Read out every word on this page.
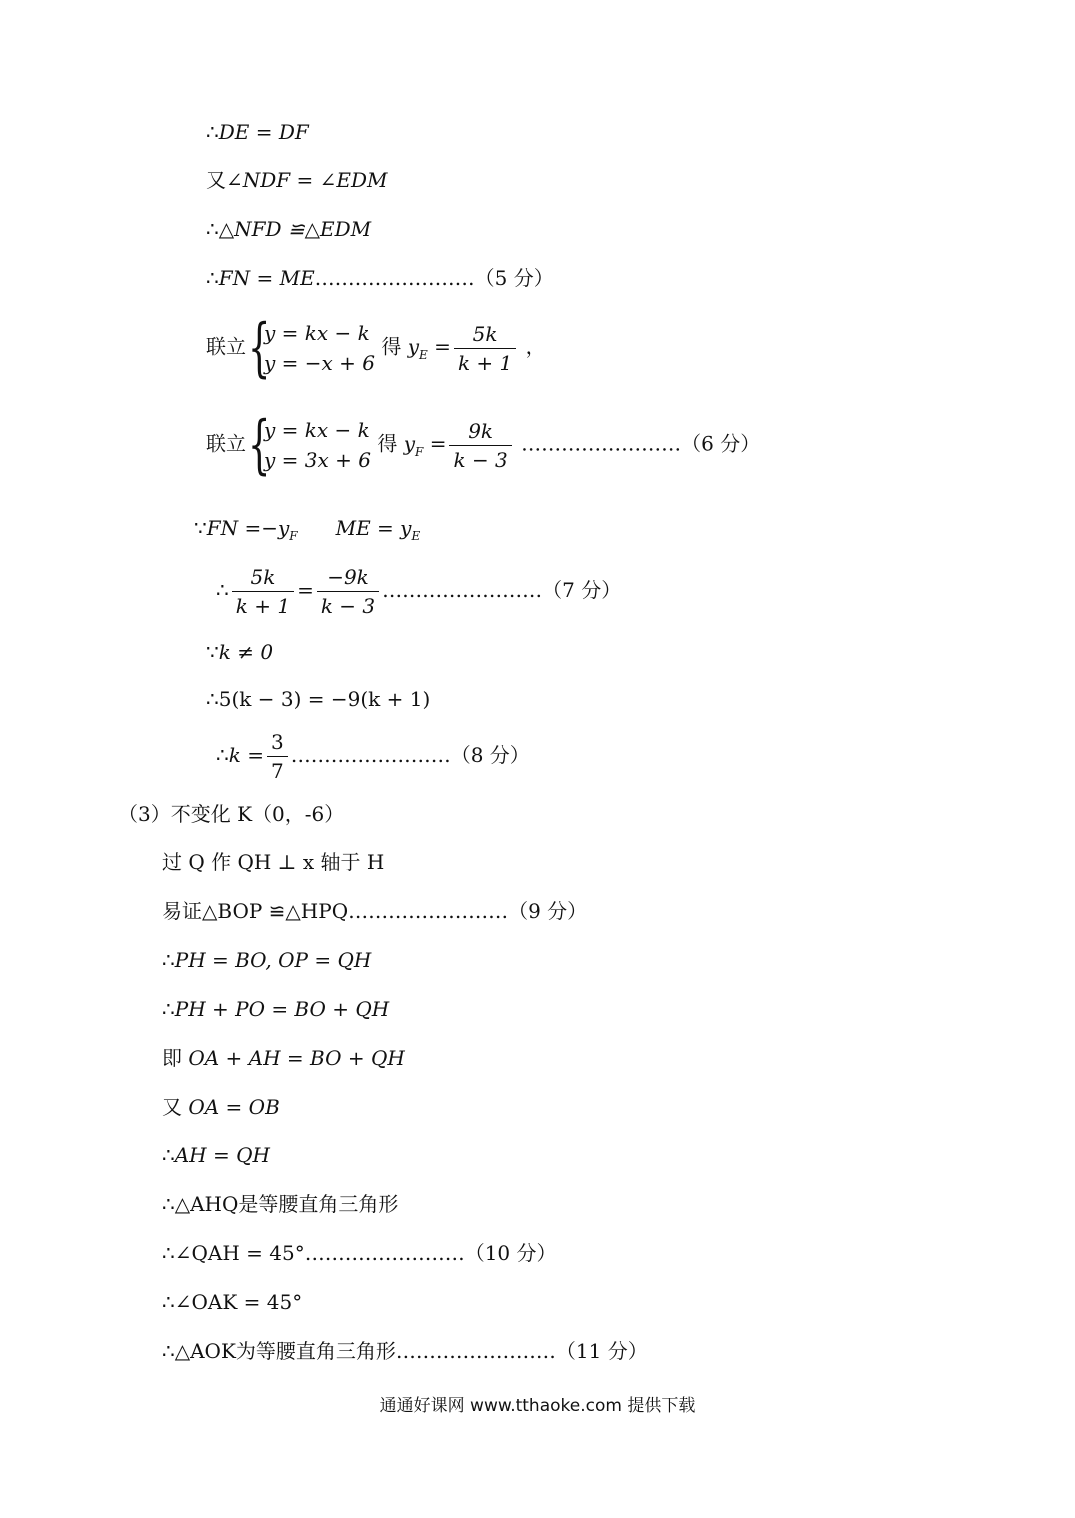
∴DE = DF
又∠NDF = ∠EDM
∴△NFD ≌△EDM
∴FN = ME……………………（5 分）
联立 {
y = kx − k
y = −x + 6
得 $y_E = \frac{5k}{k + 1}$ ，
联立 {
y = kx − k
y = 3x + 6
得 $y_F = \frac{9k}{k - 3}$ ……………………（6 分）
∵FN $=-y_F$ ME = $y_E$
∴ $\frac{5k}{k + 1} = \frac{-9k}{k - 3}$ ……………………（7 分）
∵k ≠ 0
∴5(k − 3) = −9(k + 1)
∴k = $\frac{3}{7}$ ……………………（8 分）
（3）不变化 K（0，-6）
过 Q 作 QH ⊥ x 轴于 H
易证△BOP ≌△HPQ……………………（9 分）
∴PH = BO, OP = QH
∴PH + PO = BO + QH
即 OA + AH = BO + QH
又 OA = OB
∴AH = QH
∴△AHQ是等腰直角三角形
∴∠QAH = 45°……………………（10 分）
∴∠OAK = 45°
∴△AOK为等腰直角三角形……………………（11 分）
通通好课网 www.tthaoke.com 提供下载
